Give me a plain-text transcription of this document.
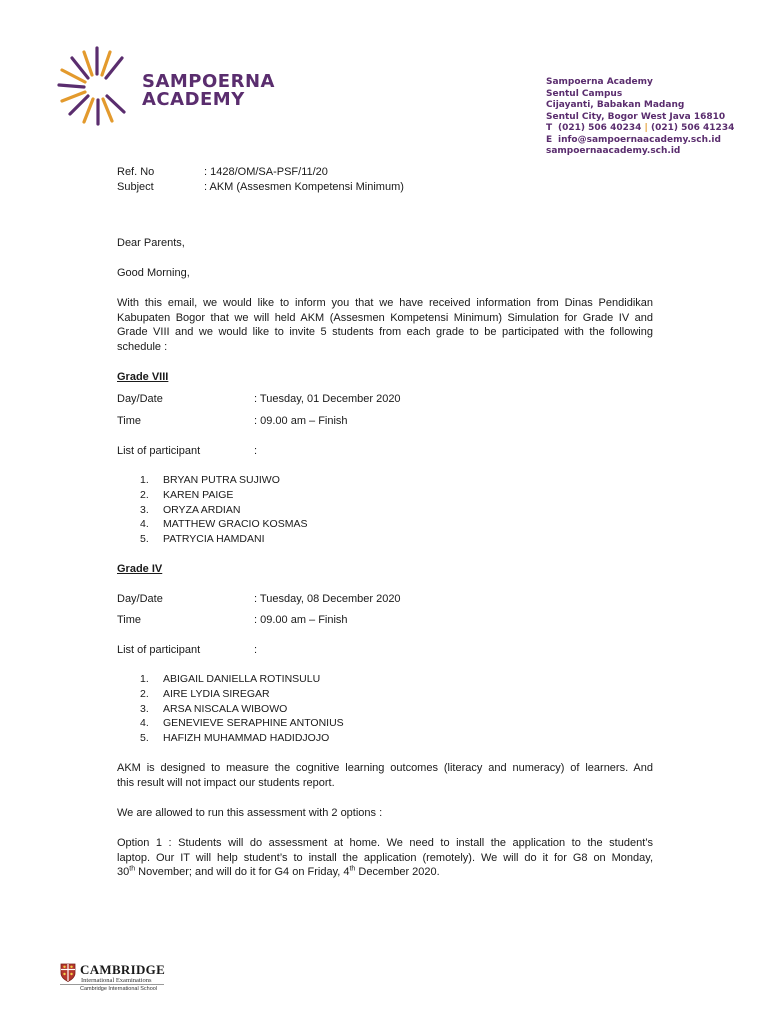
SAMPOERNA
ACADEMY
Sampoerna Academy
Sentul Campus
Cijayanti, Babakan Madang
Sentul City, Bogor West Java 16810
T (021) 506 40234 | (021) 506 41234
E info@sampoernaacademy.sch.id
sampoernaacademy.sch.id
Ref. No	: 1428/OM/SA-PSF/11/20
Subject	: AKM (Assesmen Kompetensi Minimum)
Dear Parents,
Good Morning,
With this email, we would like to inform you that we have received information from Dinas Pendidikan
Kabupaten Bogor that we will held AKM (Assesmen Kompetensi Minimum) Simulation for Grade IV and
Grade VIII and we would like to invite 5 students from each grade to be participated with the following
schedule :
Grade VIII
Day/Date	: Tuesday, 01 December 2020
Time	: 09.00 am – Finish
List of participant	:
1. BRYAN PUTRA SUJIWO
2. KAREN PAIGE
3. ORYZA ARDIAN
4. MATTHEW GRACIO KOSMAS
5. PATRYCIA HAMDANI
Grade IV
Day/Date	: Tuesday, 08 December 2020
Time	: 09.00 am – Finish
List of participant	:
1. ABIGAIL DANIELLA ROTINSULU
2. AIRE LYDIA SIREGAR
3. ARSA NISCALA WIBOWO
4. GENEVIEVE SERAPHINE ANTONIUS
5. HAFIZH MUHAMMAD HADIDJOJO
AKM is designed to measure the cognitive learning outcomes (literacy and numeracy) of learners. And
this result will not impact our students report.
We are allowed to run this assessment with 2 options :
Option 1 : Students will do assessment at home. We need to install the application to the student’s
laptop. Our IT will help student’s to install the application (remotely). We will do it for G8 on Monday,
30th November; and will do it for G4 on Friday, 4th December 2020.
CAMBRIDGE
International Examinations
Cambridge International School
